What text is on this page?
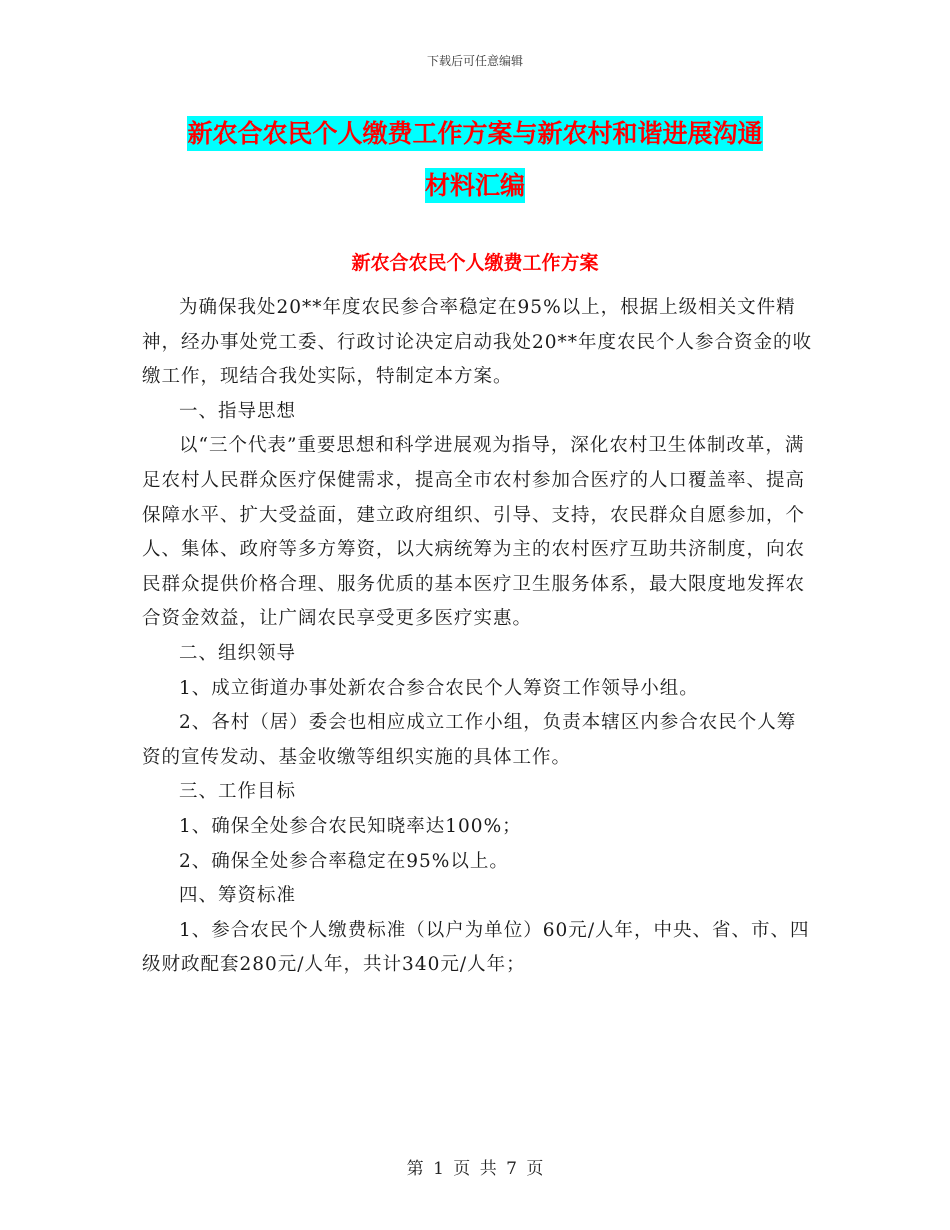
下载后可任意编辑
新农合农民个人缴费工作方案与新农村和谐进展沟通
材料汇编
新农合农民个人缴费工作方案

为确保我处20**年度农民参合率稳定在95%以上，根据上级相关文件精神，经办事处党工委、行政讨论决定启动我处20**年度农民个人参合资金的收缴工作，现结合我处实际，特制定本方案。

一、指导思想

以“三个代表”重要思想和科学进展观为指导，深化农村卫生体制改革，满足农村人民群众医疗保健需求，提高全市农村参加合医疗的人口覆盖率、提高保障水平、扩大受益面，建立政府组织、引导、支持，农民群众自愿参加，个人、集体、政府等多方筹资，以大病统筹为主的农村医疗互助共济制度，向农民群众提供价格合理、服务优质的基本医疗卫生服务体系，最大限度地发挥农合资金效益，让广阔农民享受更多医疗实惠。

二、组织领导

1、成立街道办事处新农合参合农民个人筹资工作领导小组。

2、各村（居）委会也相应成立工作小组，负责本辖区内参合农民个人筹资的宣传发动、基金收缴等组织实施的具体工作。

三、工作目标

1、确保全处参合农民知晓率达100%；

2、确保全处参合率稳定在95%以上。

四、筹资标准

1、参合农民个人缴费标准（以户为单位）60元/人年，中央、省、市、四级财政配套280元/人年，共计340元/人年；

第 1 页 共 7 页
